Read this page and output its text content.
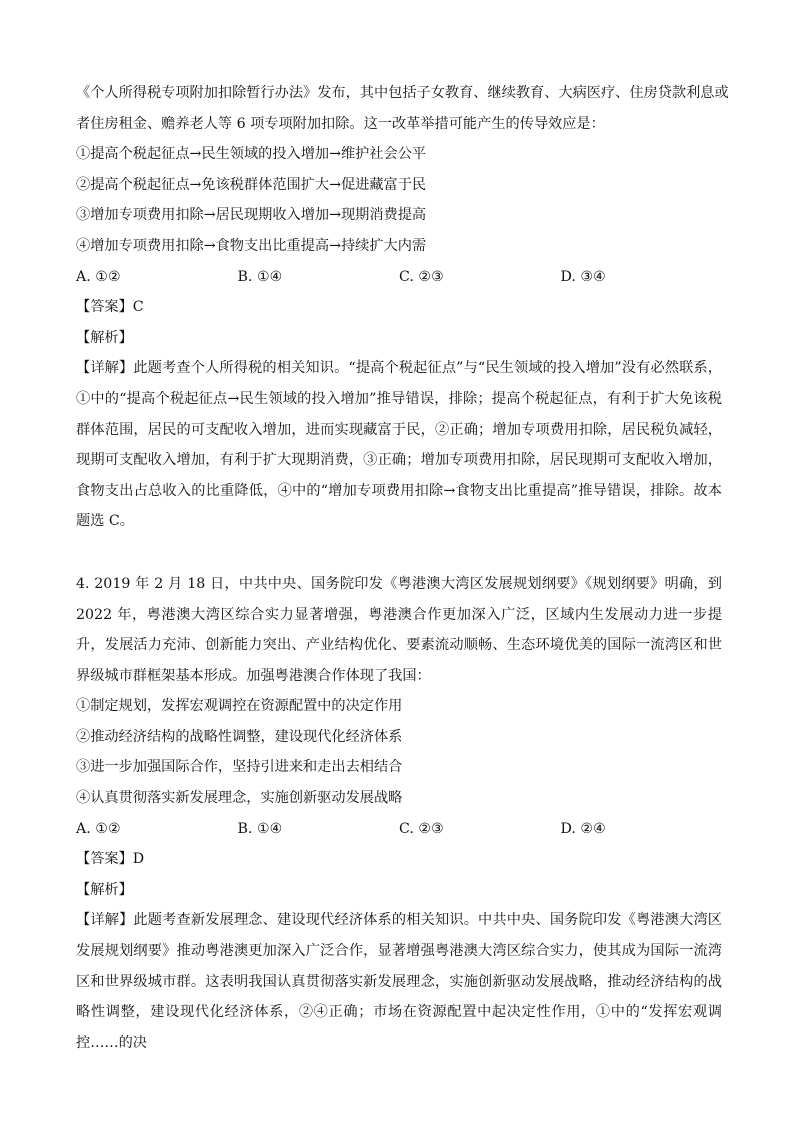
《个人所得税专项附加扣除暂行办法》发布，其中包括子女教育、继续教育、大病医疗、住房贷款利息或
者住房租金、赡养老人等 6 项专项附加扣除。这一改革举措可能产生的传导效应是：
①提高个税起征点→民生领域的投入增加→维护社会公平
②提高个税起征点→免该税群体范围扩大→促进藏富于民
③增加专项费用扣除→居民现期收入增加→现期消费提高
④增加专项费用扣除→食物支出比重提高→持续扩大内需
A. ①②	B. ①④	C. ②③	D. ③④
【答案】C
【解析】
【详解】此题考查个人所得税的相关知识。“提高个税起征点”与“民生领域的投入增加”没有必然联系，①中的“提高个税起征点→民生领域的投入增加”推导错误，排除；提高个税起征点，有利于扩大免该税群体范围，居民的可支配收入增加，进而实现藏富于民，②正确；增加专项费用扣除，居民税负减轻，现期可支配收入增加，有利于扩大现期消费，③正确；增加专项费用扣除，居民现期可支配收入增加，食物支出占总收入的比重降低，④中的“增加专项费用扣除→食物支出比重提高”推导错误，排除。故本题选 C。
4. 2019 年 2 月 18 日，中共中央、国务院印发《粤港澳大湾区发展规划纲要》《规划纲要》明确，到 2022 年，粤港澳大湾区综合实力显著增强，粤港澳合作更加深入广泛，区域内生发展动力进一步提升，发展活力充沛、创新能力突出、产业结构优化、要素流动顺畅、生态环境优美的国际一流湾区和世界级城市群框架基本形成。加强粤港澳合作体现了我国：
①制定规划，发挥宏观调控在资源配置中的决定作用
②推动经济结构的战略性调整，建设现代化经济体系
③进一步加强国际合作，坚持引进来和走出去相结合
④认真贯彻落实新发展理念，实施创新驱动发展战略
A. ①②	B. ①④	C. ②③	D. ②④
【答案】D
【解析】
【详解】此题考查新发展理念、建设现代经济体系的相关知识。中共中央、国务院印发《粤港澳大湾区发展规划纲要》推动粤港澳更加深入广泛合作，显著增强粤港澳大湾区综合实力，使其成为国际一流湾区和世界级城市群。这表明我国认真贯彻落实新发展理念，实施创新驱动发展战略，推动经济结构的战略性调整，建设现代化经济体系，②④正确；市场在资源配置中起决定性作用，①中的“发挥宏观调控……的决
